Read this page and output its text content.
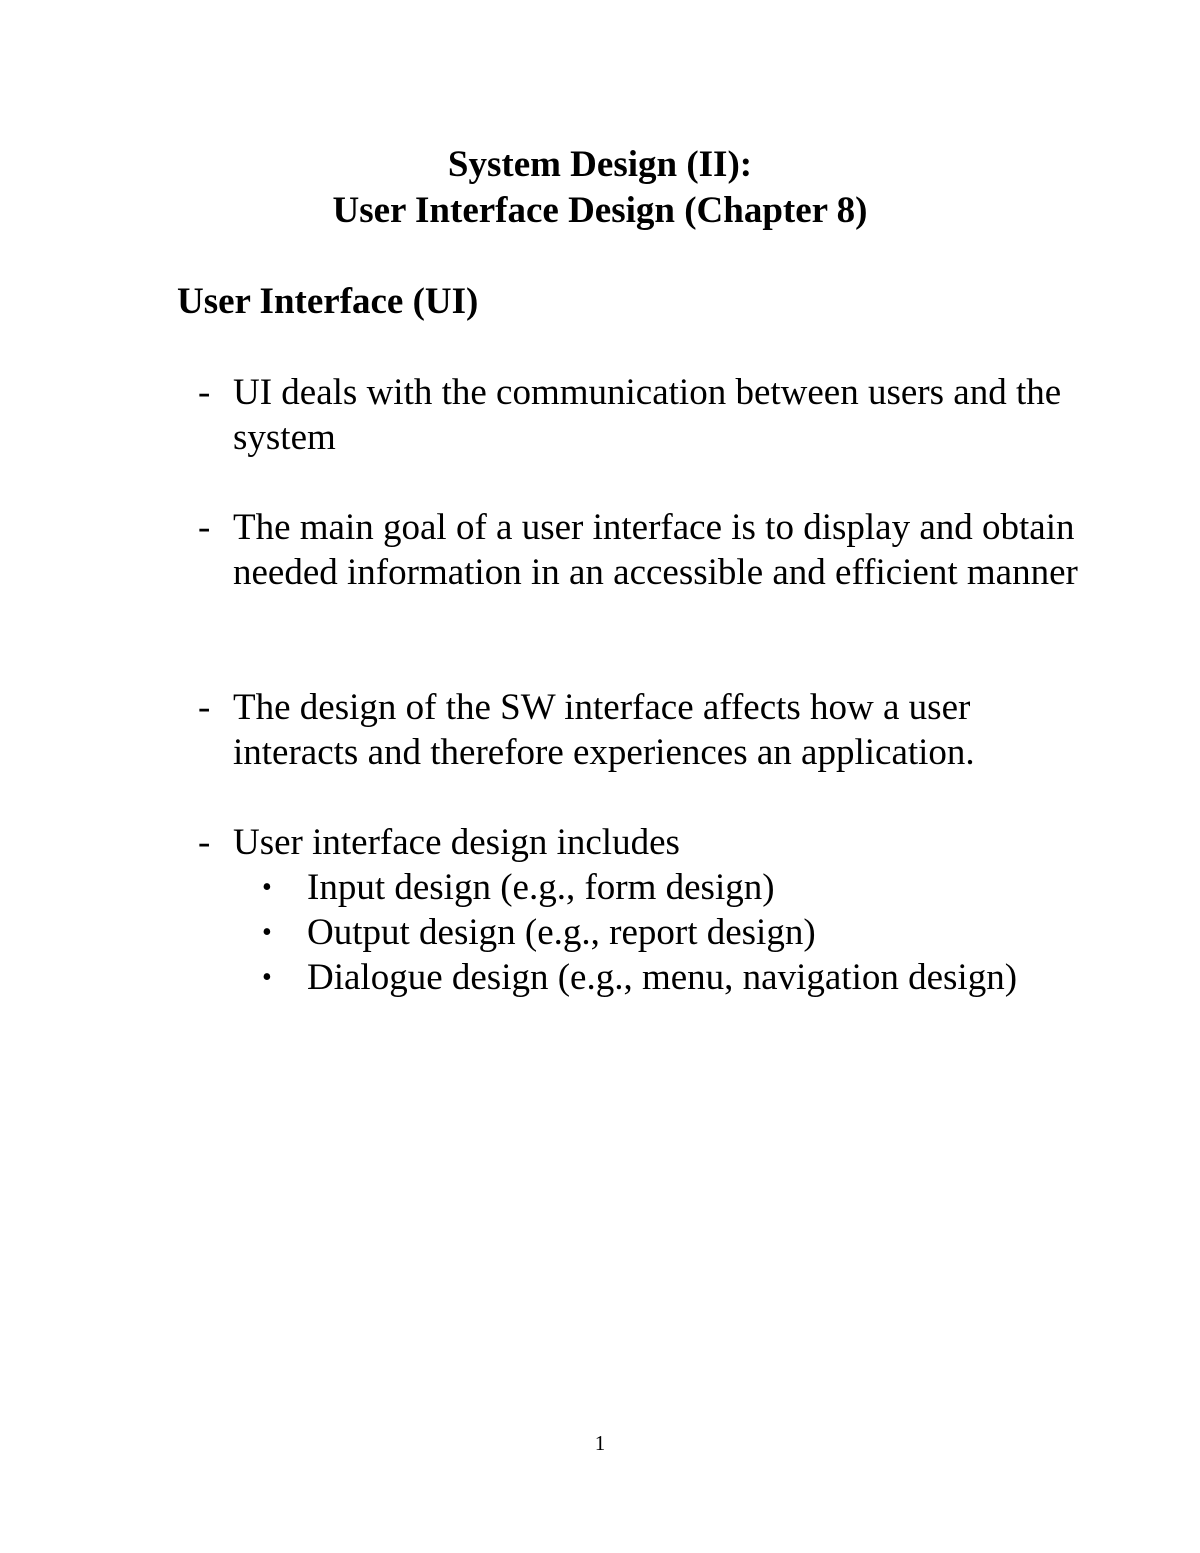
System Design (II):
User Interface Design (Chapter 8)
User Interface (UI)
- UI deals with the communication between users and the system
- The main goal of a user interface is to display and obtain needed information in an accessible and efficient manner
- The design of the SW interface affects how a user interacts and therefore experiences an application.
- User interface design includes
• Input design (e.g., form design)
• Output design (e.g., report design)
• Dialogue design (e.g., menu, navigation design)
1
